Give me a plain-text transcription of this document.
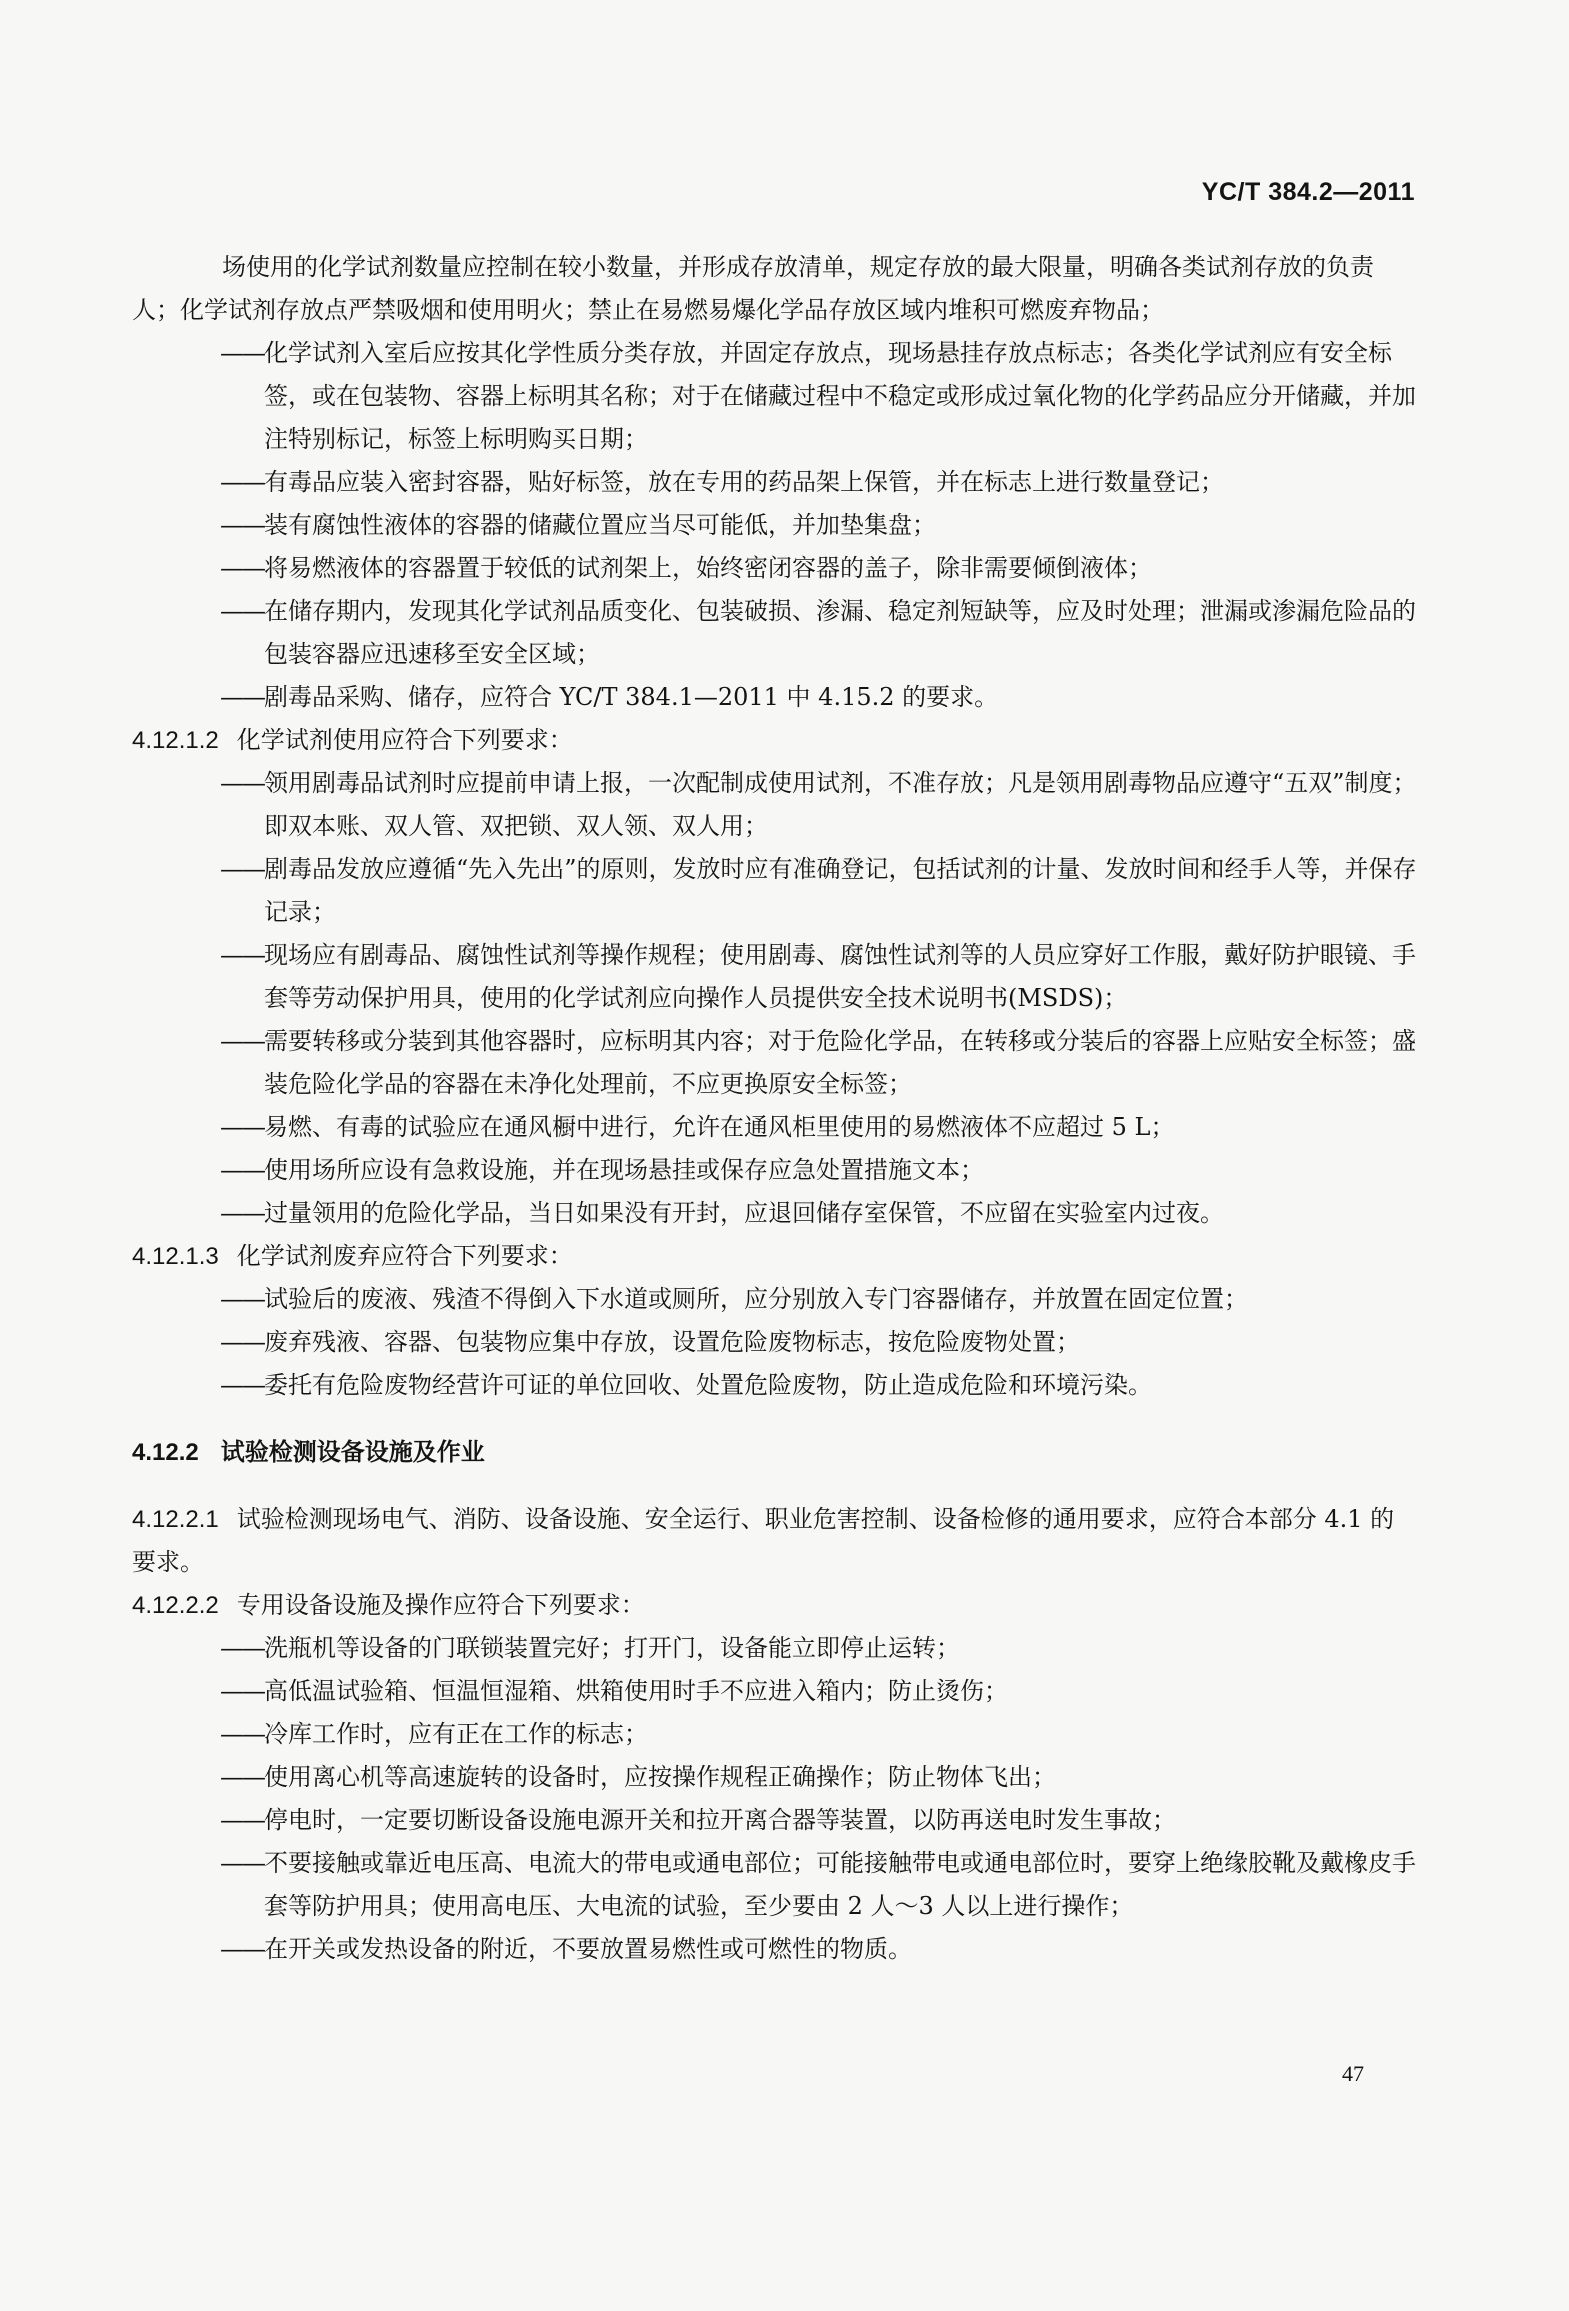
YC/T 384.2—2011

场使用的化学试剂数量应控制在较小数量，并形成存放清单，规定存放的最大限量，明确各类试剂存放的负责人；化学试剂存放点严禁吸烟和使用明火；禁止在易燃易爆化学品存放区域内堆积可燃废弃物品；

——化学试剂入室后应按其化学性质分类存放，并固定存放点，现场悬挂存放点标志；各类化学试剂应有安全标签，或在包装物、容器上标明其名称；对于在储藏过程中不稳定或形成过氧化物的化学药品应分开储藏，并加注特别标记，标签上标明购买日期；

——有毒品应装入密封容器，贴好标签，放在专用的药品架上保管，并在标志上进行数量登记；

——装有腐蚀性液体的容器的储藏位置应当尽可能低，并加垫集盘；

——将易燃液体的容器置于较低的试剂架上，始终密闭容器的盖子，除非需要倾倒液体；

——在储存期内，发现其化学试剂品质变化、包装破损、渗漏、稳定剂短缺等，应及时处理；泄漏或渗漏危险品的包装容器应迅速移至安全区域；

——剧毒品采购、储存，应符合 YC/T 384.1—2011 中 4.15.2 的要求。

4.12.1.2 化学试剂使用应符合下列要求：

——领用剧毒品试剂时应提前申请上报，一次配制成使用试剂，不准存放；凡是领用剧毒物品应遵守“五双”制度；即双本账、双人管、双把锁、双人领、双人用；

——剧毒品发放应遵循“先入先出”的原则，发放时应有准确登记，包括试剂的计量、发放时间和经手人等，并保存记录；

——现场应有剧毒品、腐蚀性试剂等操作规程；使用剧毒、腐蚀性试剂等的人员应穿好工作服，戴好防护眼镜、手套等劳动保护用具，使用的化学试剂应向操作人员提供安全技术说明书(MSDS)；

——需要转移或分装到其他容器时，应标明其内容；对于危险化学品，在转移或分装后的容器上应贴安全标签；盛装危险化学品的容器在未净化处理前，不应更换原安全标签；

——易燃、有毒的试验应在通风橱中进行，允许在通风柜里使用的易燃液体不应超过 5 L；

——使用场所应设有急救设施，并在现场悬挂或保存应急处置措施文本；

——过量领用的危险化学品，当日如果没有开封，应退回储存室保管，不应留在实验室内过夜。

4.12.1.3 化学试剂废弃应符合下列要求：

——试验后的废液、残渣不得倒入下水道或厕所，应分别放入专门容器储存，并放置在固定位置；

——废弃残液、容器、包装物应集中存放，设置危险废物标志，按危险废物处置；

——委托有危险废物经营许可证的单位回收、处置危险废物，防止造成危险和环境污染。

4.12.2 试验检测设备设施及作业

4.12.2.1 试验检测现场电气、消防、设备设施、安全运行、职业危害控制、设备检修的通用要求，应符合本部分 4.1 的要求。

4.12.2.2 专用设备设施及操作应符合下列要求：

——洗瓶机等设备的门联锁装置完好；打开门，设备能立即停止运转；

——高低温试验箱、恒温恒湿箱、烘箱使用时手不应进入箱内；防止烫伤；

——冷库工作时，应有正在工作的标志；

——使用离心机等高速旋转的设备时，应按操作规程正确操作；防止物体飞出；

——停电时，一定要切断设备设施电源开关和拉开离合器等装置，以防再送电时发生事故；

——不要接触或靠近电压高、电流大的带电或通电部位；可能接触带电或通电部位时，要穿上绝缘胶靴及戴橡皮手套等防护用具；使用高电压、大电流的试验，至少要由 2 人～3 人以上进行操作；

——在开关或发热设备的附近，不要放置易燃性或可燃性的物质。

47
